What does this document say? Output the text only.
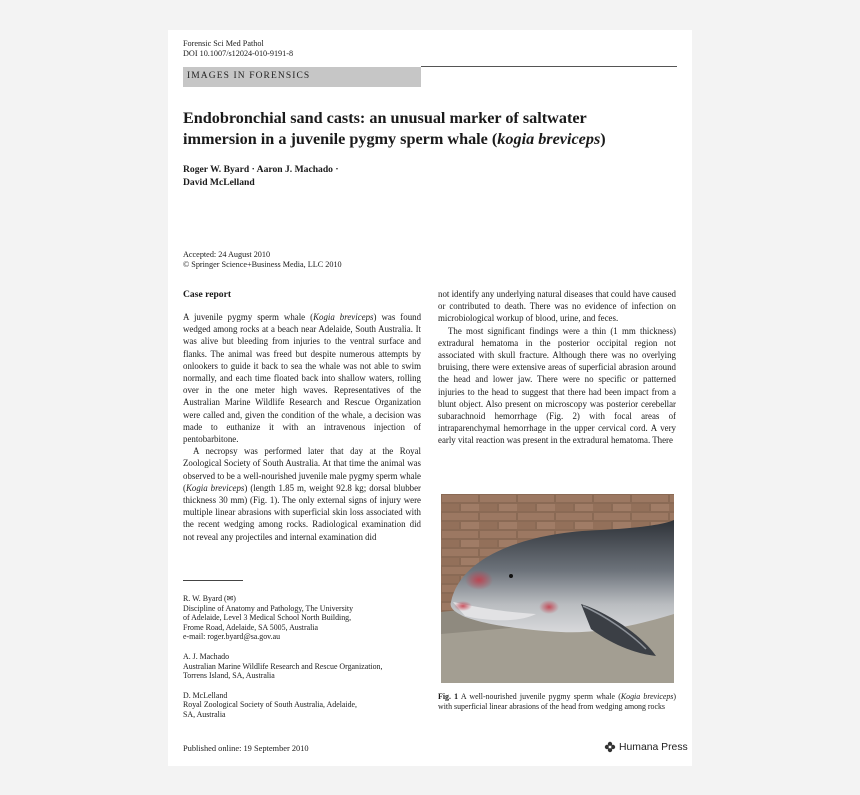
Forensic Sci Med Pathol
DOI 10.1007/s12024-010-9191-8
IMAGES IN FORENSICS
Endobronchial sand casts: an unusual marker of saltwater
immersion in a juvenile pygmy sperm whale (kogia breviceps)
Roger W. Byard · Aaron J. Machado ·
David McLelland
Accepted: 24 August 2010
© Springer Science+Business Media, LLC 2010
Case report

A juvenile pygmy sperm whale (Kogia breviceps) was found wedged among rocks at a beach near Adelaide, South Australia. It was alive but bleeding from injuries to the ventral surface and flanks. The animal was freed but despite numerous attempts by onlookers to guide it back to sea the whale was not able to swim normally, and each time floated back into shallow waters, rolling over in the one meter high waves. Representatives of the Australian Marine Wildlife Research and Rescue Organization were called and, given the condition of the whale, a decision was made to euthanize it with an intravenous injection of pentobarbitone.

A necropsy was performed later that day at the Royal Zoological Society of South Australia. At that time the animal was observed to be a well-nourished juvenile male pygmy sperm whale (Kogia breviceps) (length 1.85 m, weight 92.8 kg; dorsal blubber thickness 30 mm) (Fig. 1). The only external signs of injury were multiple linear abrasions with superficial skin loss associated with the recent wedging among rocks. Radiological examination did not reveal any projectiles and internal examination did

not identify any underlying natural diseases that could have caused or contributed to death. There was no evidence of infection on microbiological workup of blood, urine, and feces.

The most significant findings were a thin (1 mm thickness) extradural hematoma in the posterior occipital region not associated with skull fracture. Although there was no overlying bruising, there were extensive areas of superficial abrasion around the head and lower jaw. There were no specific or patterned injuries to the head to suggest that there had been impact from a blunt object. Also present on microscopy was posterior cerebellar subarachnoid hemorrhage (Fig. 2) with focal areas of intraparenchymal hemorrhage in the upper cervical cord. A very early vital reaction was present in the extradural hematoma. There

R. W. Byard (✉)
Discipline of Anatomy and Pathology, The University
of Adelaide, Level 3 Medical School North Building,
Frome Road, Adelaide, SA 5005, Australia
e-mail: roger.byard@sa.gov.au
A. J. Machado
Australian Marine Wildlife Research and Rescue Organization,
Torrens Island, SA, Australia
D. McLelland
Royal Zoological Society of South Australia, Adelaide,
SA, Australia
Fig. 1 A well-nourished juvenile pygmy sperm whale (Kogia breviceps) with superficial linear abrasions of the head from wedging among rocks
Published online: 19 September 2010	Humana Press
